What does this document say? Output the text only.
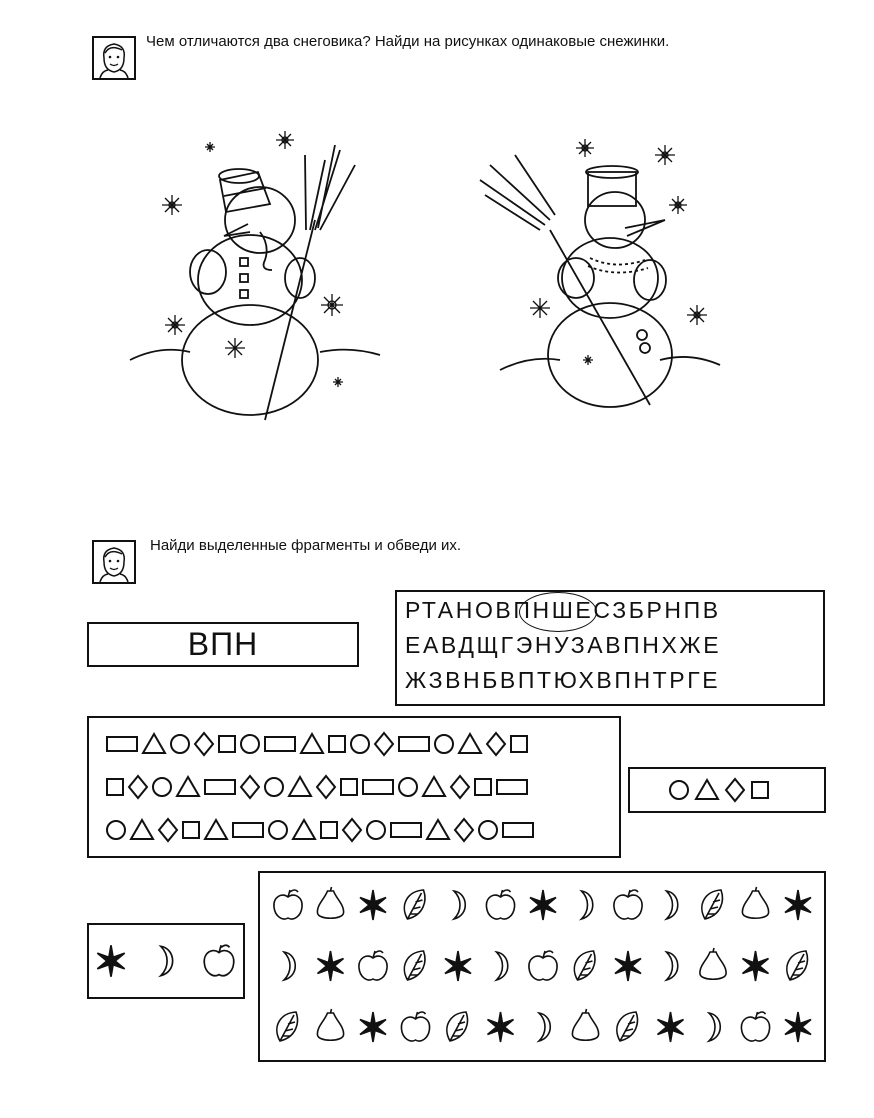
Чем отличаются два снеговика? Найди на рисунках одинаковые снежинки.
Найди выделенные фрагменты и обведи их.
ВПН
РТАНОВПНШЕСЗБРНПВ
ЕАВДЩГЭНУЗАВПНХЖЕ
ЖЗВНБВПТЮХВПНТРГЕ
